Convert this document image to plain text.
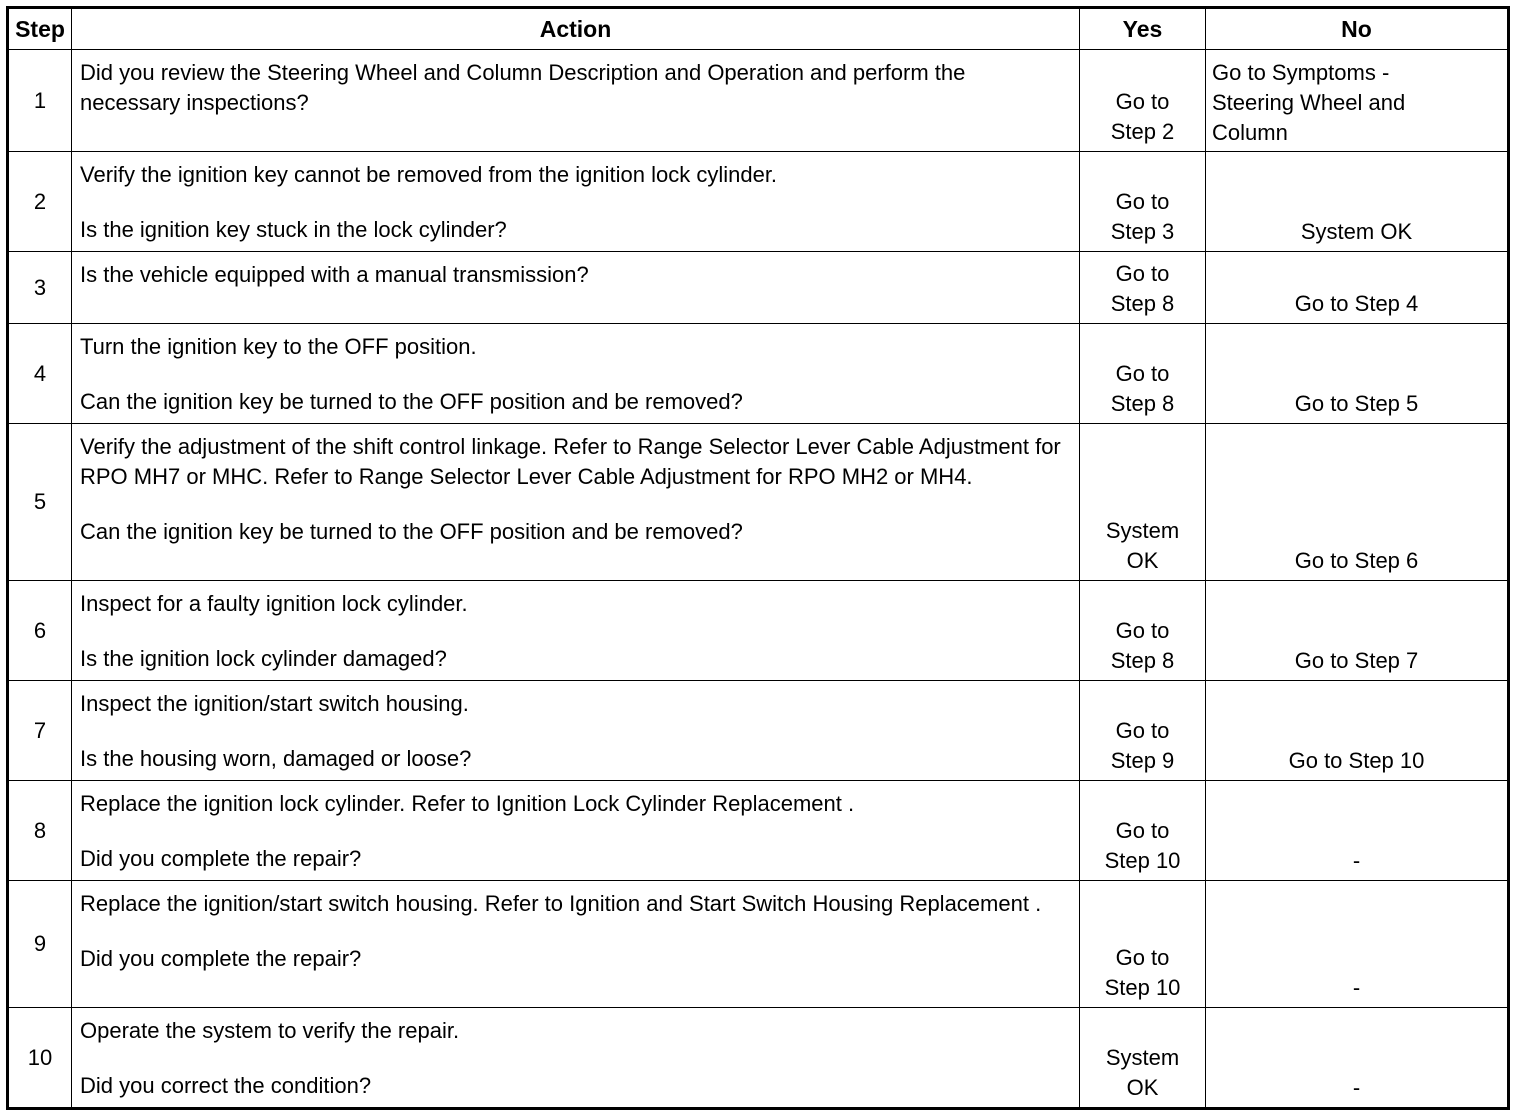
Step	Action	Yes	No
1	Did you review the Steering Wheel and Column Description and Operation and perform the necessary inspections?	Go to
Step 2	Go to Symptoms -
Steering Wheel and
Column

2	Verify the ignition key cannot be removed from the ignition lock cylinder.
Is the ignition key stuck in the lock cylinder?	Go to
Step 3	System OK

3	Is the vehicle equipped with a manual transmission?	Go to
Step 8	Go to Step 4

4	Turn the ignition key to the OFF position.
Can the ignition key be turned to the OFF position and be removed?	Go to
Step 8	Go to Step 5

5	Verify the adjustment of the shift control linkage. Refer to Range Selector Lever Cable Adjustment for RPO MH7 or MHC. Refer to Range Selector Lever Cable Adjustment for RPO MH2 or MH4.
Can the ignition key be turned to the OFF position and be removed?	System
OK	Go to Step 6

6	Inspect for a faulty ignition lock cylinder.
Is the ignition lock cylinder damaged?	Go to
Step 8	Go to Step 7

7	Inspect the ignition/start switch housing.
Is the housing worn, damaged or loose?	Go to
Step 9	Go to Step 10

8	Replace the ignition lock cylinder. Refer to Ignition Lock Cylinder Replacement .
Did you complete the repair?	Go to
Step 10	-

9	Replace the ignition/start switch housing. Refer to Ignition and Start Switch Housing Replacement .
Did you complete the repair?	Go to
Step 10	-

10	Operate the system to verify the repair.
Did you correct the condition?	System
OK	-
